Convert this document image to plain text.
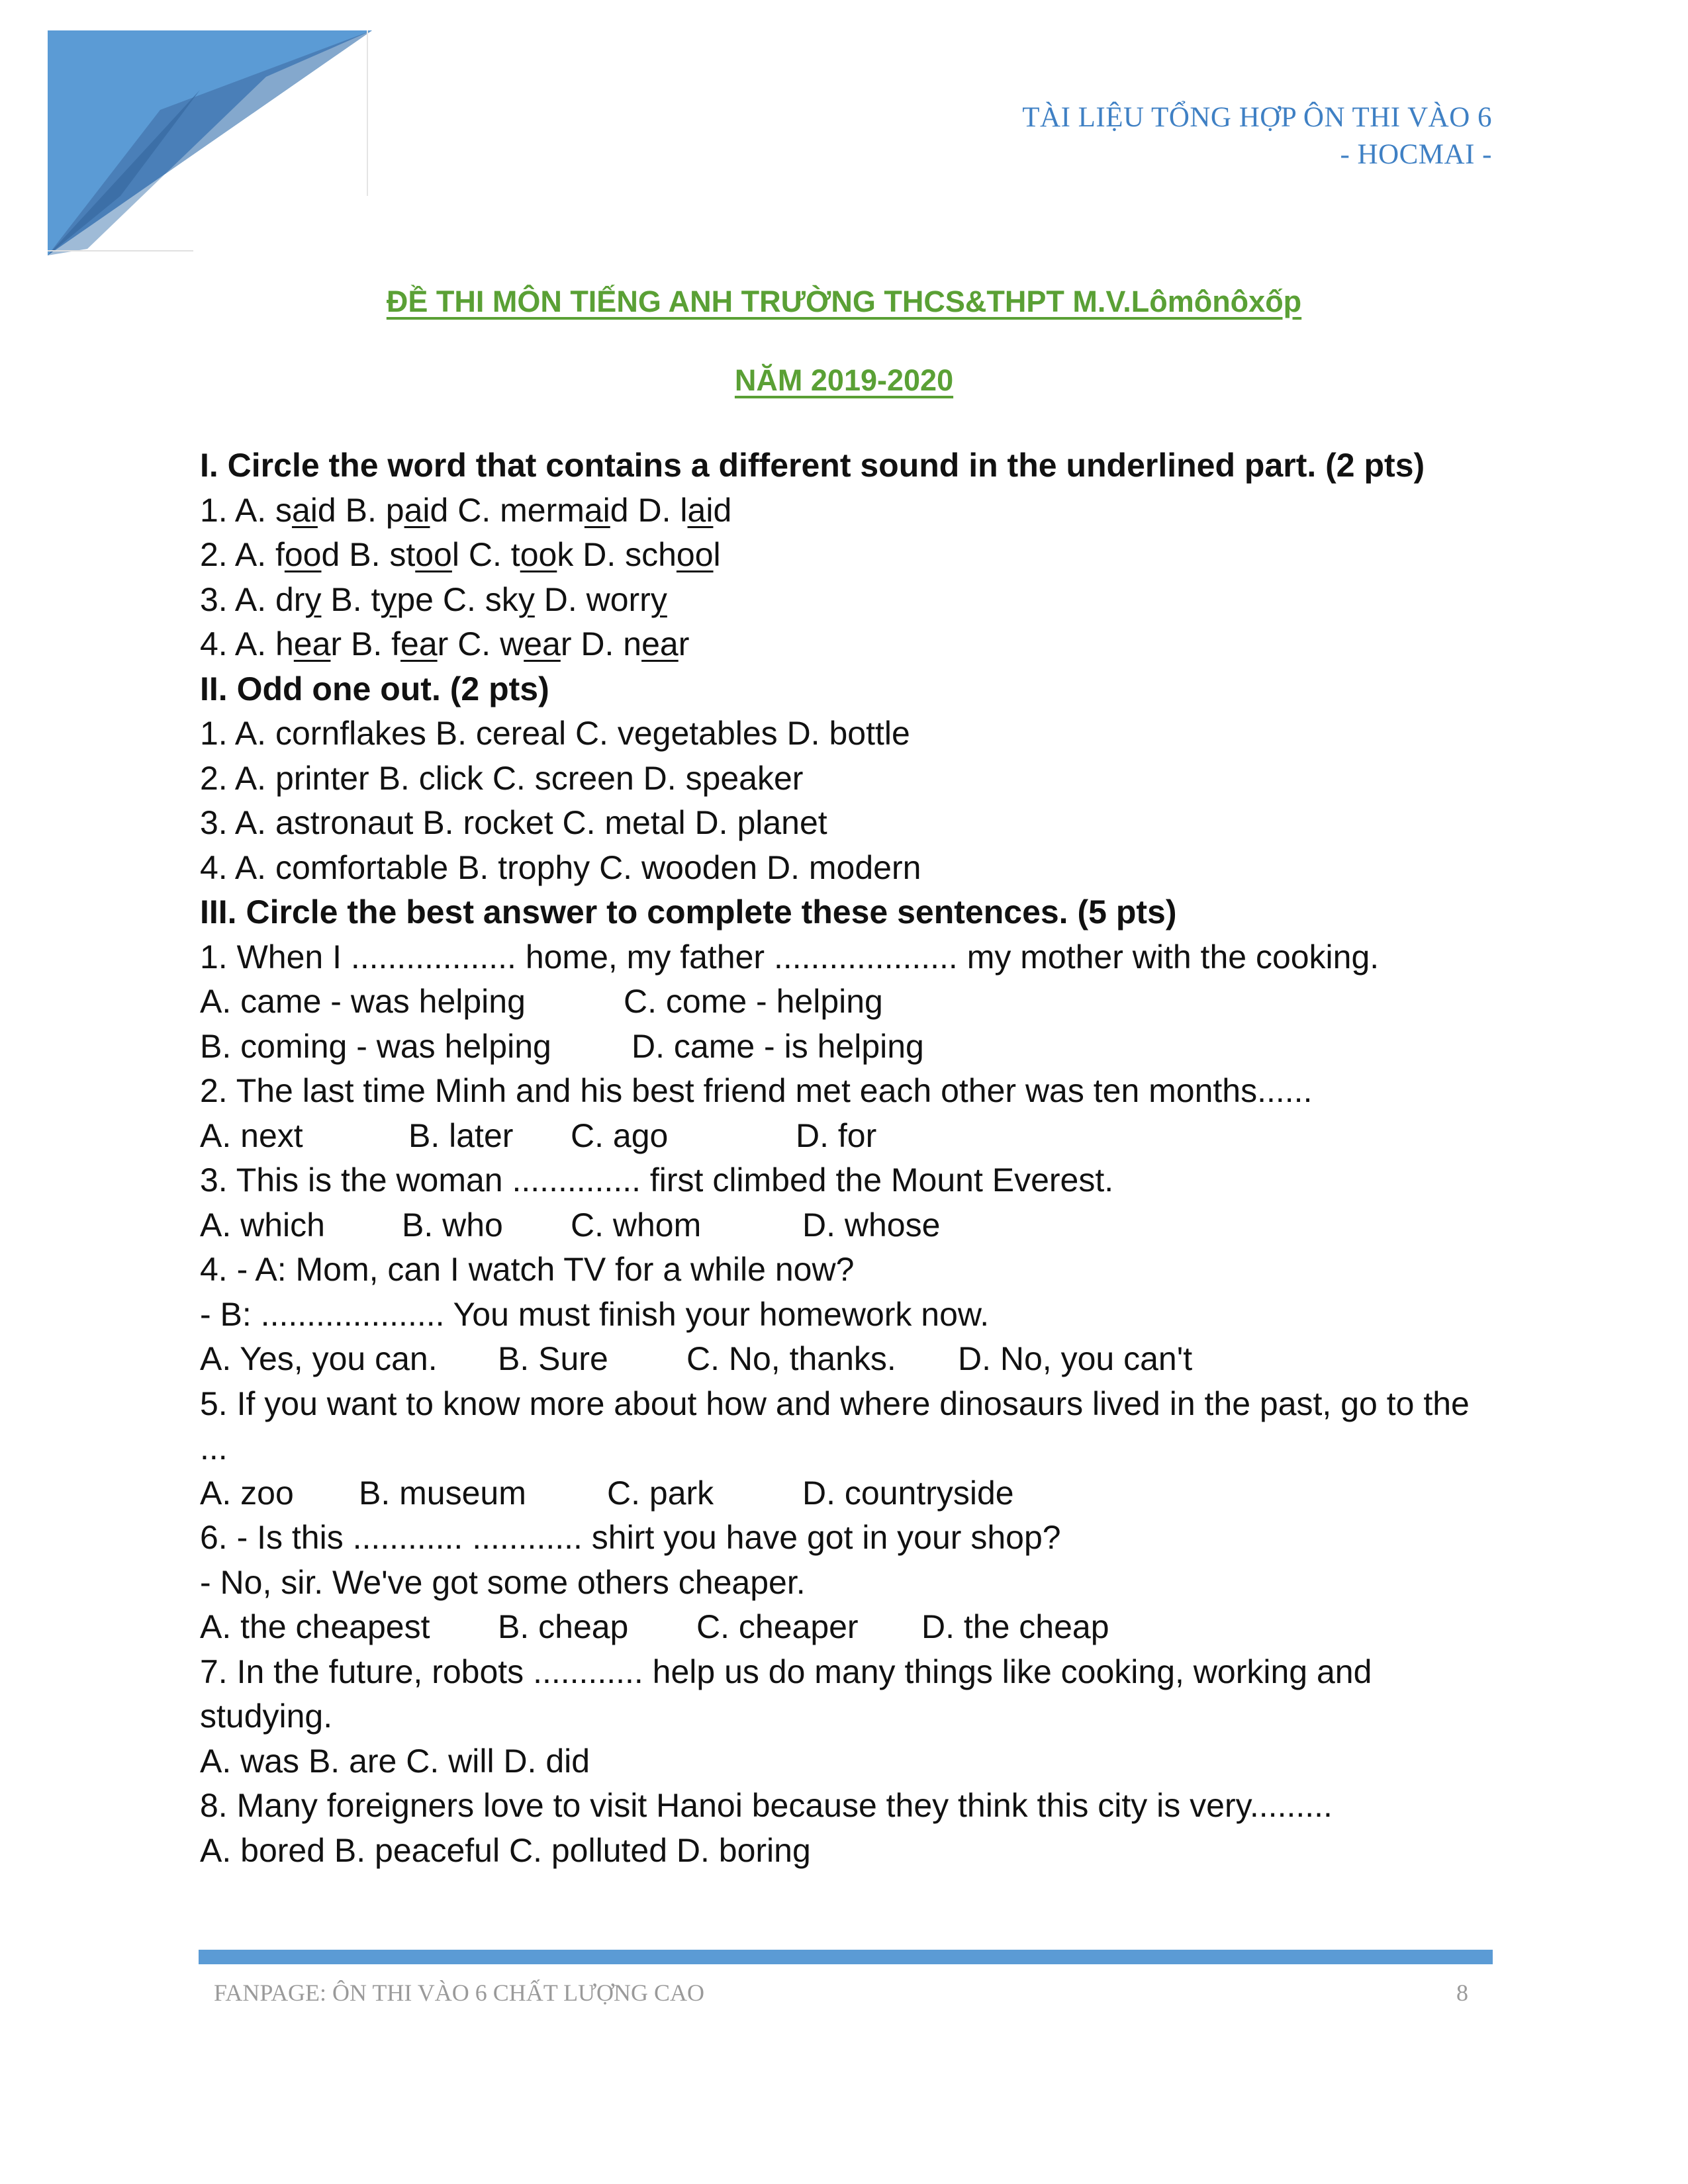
TÀI LIỆU TỔNG HỢP ÔN THI VÀO 6
- HOCMAI -
ĐỀ THI MÔN TIẾNG ANH TRƯỜNG THCS&THPT M.V.Lômônôxốp
NĂM 2019-2020
I. Circle the word that contains a different sound in the underlined part. (2 pts)
1. A. said B. paid C. mermaid D. laid
2. A. food B. stool C. took D. school
3. A. dry B. type C. sky D. worry
4. A. hear B. fear C. wear D. near
II. Odd one out. (2 pts)
1. A. cornflakes B. cereal C. vegetables D. bottle
2. A. printer B. click C. screen D. speaker
3. A. astronaut B. rocket C. metal D. planet
4. A. comfortable B. trophy C. wooden D. modern
III. Circle the best answer to complete these sentences. (5 pts)
1. When I .................. home, my father .................... my mother with the cooking.
A. came - was helping	C. come - helping
B. coming - was helping	D. came - is helping
2. The last time Minh and his best friend met each other was ten months......
A. next	B. later	C. ago	D. for
3. This is the woman .............. first climbed the Mount Everest.
A. which	B. who	C. whom	D. whose
4. - A: Mom, can I watch TV for a while now?
- B: .................... You must finish your homework now.
A. Yes, you can.	B. Sure	C. No, thanks.	D. No, you can't
5. If you want to know more about how and where dinosaurs lived in the past, go to the ...
A. zoo	B. museum	C. park	D. countryside
6. - Is this ............ ............ shirt you have got in your shop?
- No, sir. We've got some others cheaper.
A. the cheapest	B. cheap	C. cheaper	D. the cheap
7. In the future, robots ............ help us do many things like cooking, working and studying.
A. was B. are C. will D. did
8. Many foreigners love to visit Hanoi because they think this city is very.........
A. bored B. peaceful C. polluted D. boring
FANPAGE: ÔN THI VÀO 6 CHẤT LƯỢNG CAO	8
